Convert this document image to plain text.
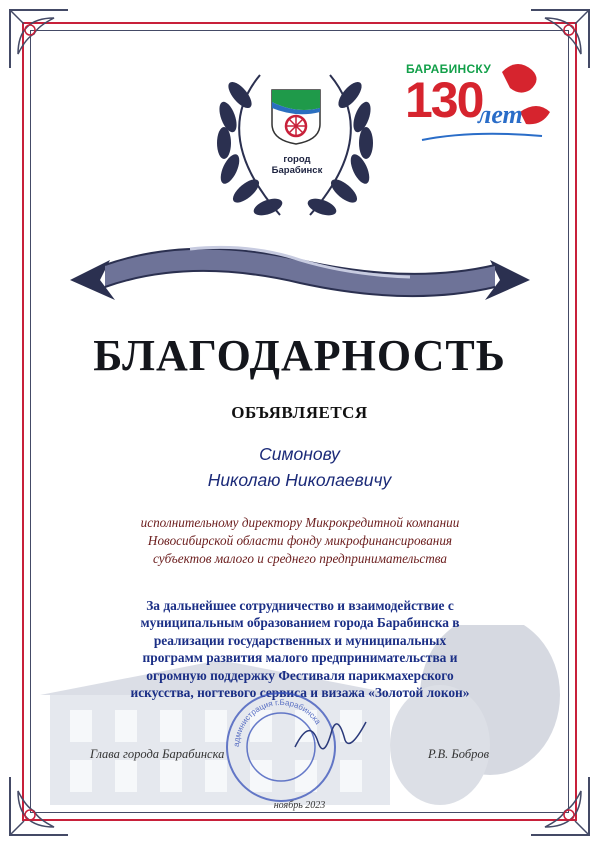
город
Барабинск
БАРАБИНСКУ
130
лет
БЛАГОДАРНОСТЬ
ОБЪЯВЛЯЕТСЯ
Симонову
Николаю Николаевичу
исполнительному директору Микрокредитной компании
Новосибирской области фонду микрофинансирования
субъектов малого и среднего предпринимательства
За дальнейшее сотрудничество и взаимодействие с
муниципальным образованием города Барабинска в
реализации государственных и муниципальных
программ развития малого предпринимательства и
огромную поддержку Фестиваля парикмахерского
искусства, ногтевого сервиса и визажа «Золотой локон»
администрация г.Барабинска
Глава города Барабинска	Р.В. Бобров
ноябрь 2023
